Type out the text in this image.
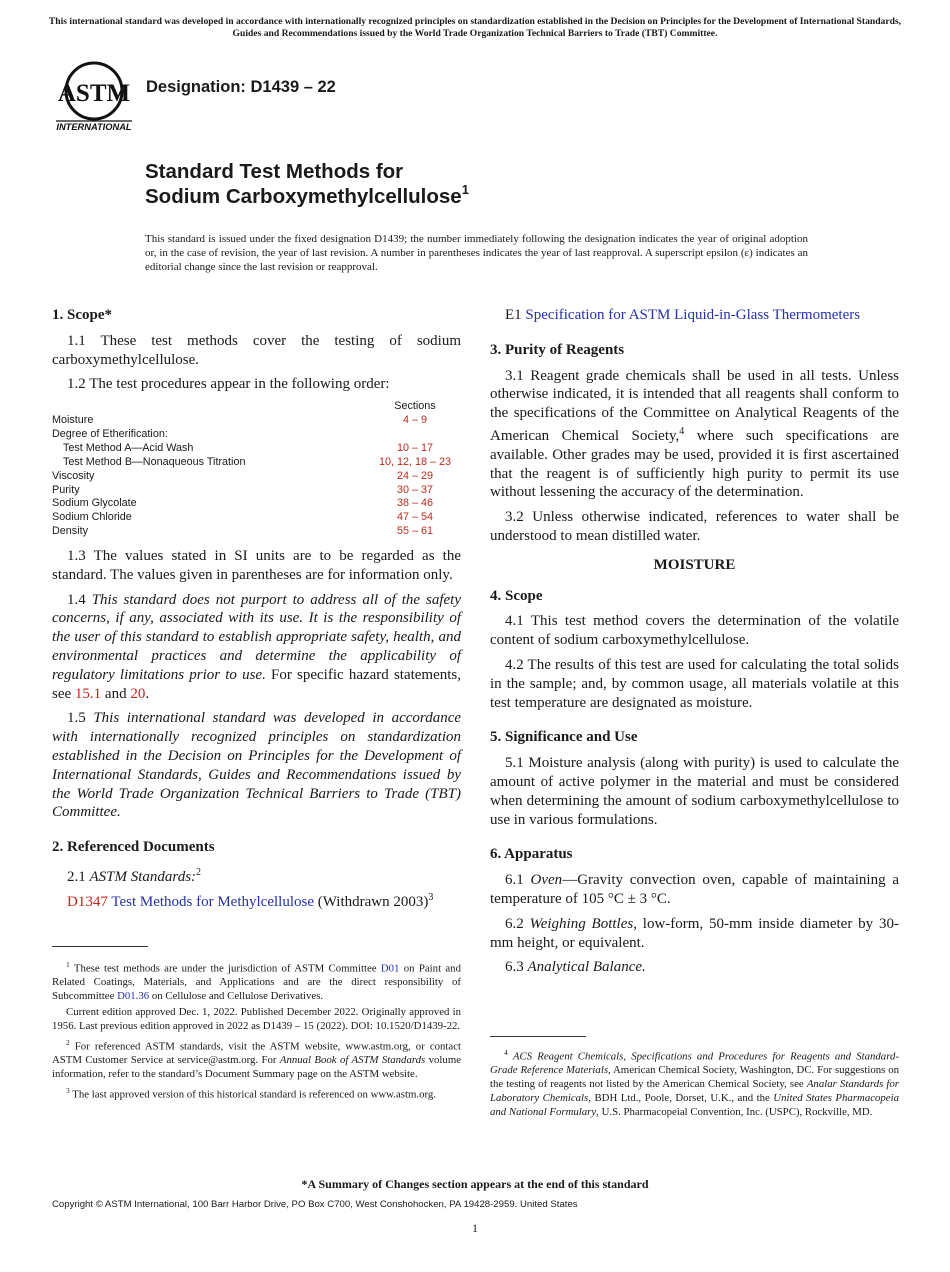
This international standard was developed in accordance with internationally recognized principles on standardization established in the Decision on Principles for the Development of International Standards, Guides and Recommendations issued by the World Trade Organization Technical Barriers to Trade (TBT) Committee.
ASTM
INTERNATIONAL
Designation: D1439 – 22
Standard Test Methods for
Sodium Carboxymethylcellulose$^1$
This standard is issued under the fixed designation D1439; the number immediately following the designation indicates the year of original adoption or, in the case of revision, the year of last revision. A number in parentheses indicates the year of last reapproval. A superscript epsilon (ε) indicates an editorial change since the last revision or reapproval.
1. Scope*

1.1 These test methods cover the testing of sodium carboxymethylcellulose.

1.2 The test procedures appear in the following order:

Sections
Moisture	4 – 9
Degree of Etherification:
Test Method A—Acid Wash	10 – 17
Test Method B—Nonaqueous Titration	10, 12, 18 – 23
Viscosity	24 – 29
Purity	30 – 37
Sodium Glycolate	38 – 46
Sodium Chloride	47 – 54
Density	55 – 61

1.3 The values stated in SI units are to be regarded as the standard. The values given in parentheses are for information only.

1.4 This standard does not purport to address all of the safety concerns, if any, associated with its use. It is the responsibility of the user of this standard to establish appropriate safety, health, and environmental practices and determine the applicability of regulatory limitations prior to use. For specific hazard statements, see 15.1 and 20.

1.5 This international standard was developed in accordance with internationally recognized principles on standardization established in the Decision on Principles for the Development of International Standards, Guides and Recommendations issued by the World Trade Organization Technical Barriers to Trade (TBT) Committee.

2. Referenced Documents

2.1 ASTM Standards:$^2$

D1347 Test Methods for Methylcellulose (Withdrawn 2003)$^3$

E1 Specification for ASTM Liquid-in-Glass Thermometers

3. Purity of Reagents

3.1 Reagent grade chemicals shall be used in all tests. Unless otherwise indicated, it is intended that all reagents shall conform to the specifications of the Committee on Analytical Reagents of the American Chemical Society,$^4$ where such specifications are available. Other grades may be used, provided it is first ascertained that the reagent is of sufficiently high purity to permit its use without lessening the accuracy of the determination.

3.2 Unless otherwise indicated, references to water shall be understood to mean distilled water.

MOISTURE
4. Scope

4.1 This test method covers the determination of the volatile content of sodium carboxymethylcellulose.

4.2 The results of this test are used for calculating the total solids in the sample; and, by common usage, all materials volatile at this test temperature are designated as moisture.

5. Significance and Use

5.1 Moisture analysis (along with purity) is used to calculate the amount of active polymer in the material and must be considered when determining the amount of sodium carboxymethylcellulose to use in various formulations.

6. Apparatus

6.1 Oven—Gravity convection oven, capable of maintaining a temperature of 105 °C ± 3 °C.

6.2 Weighing Bottles, low-form, 50-mm inside diameter by 30-mm height, or equivalent.

6.3 Analytical Balance.

$^1$ These test methods are under the jurisdiction of ASTM Committee D01 on Paint and Related Coatings, Materials, and Applications and are the direct responsibility of Subcommittee D01.36 on Cellulose and Cellulose Derivatives.

Current edition approved Dec. 1, 2022. Published December 2022. Originally approved in 1956. Last previous edition approved in 2022 as D1439 – 15 (2022). DOI: 10.1520/D1439-22.

$^2$ For referenced ASTM standards, visit the ASTM website, www.astm.org, or contact ASTM Customer Service at service@astm.org. For Annual Book of ASTM Standards volume information, refer to the standard’s Document Summary page on the ASTM website.

$^3$ The last approved version of this historical standard is referenced on www.astm.org.

$^4$ ACS Reagent Chemicals, Specifications and Procedures for Reagents and Standard-Grade Reference Materials, American Chemical Society, Washington, DC. For suggestions on the testing of reagents not listed by the American Chemical Society, see Analar Standards for Laboratory Chemicals, BDH Ltd., Poole, Dorset, U.K., and the United States Pharmacopeia and National Formulary, U.S. Pharmacopeial Convention, Inc. (USPC), Rockville, MD.

*A Summary of Changes section appears at the end of this standard
Copyright © ASTM International, 100 Barr Harbor Drive, PO Box C700, West Conshohocken, PA 19428-2959. United States
1
